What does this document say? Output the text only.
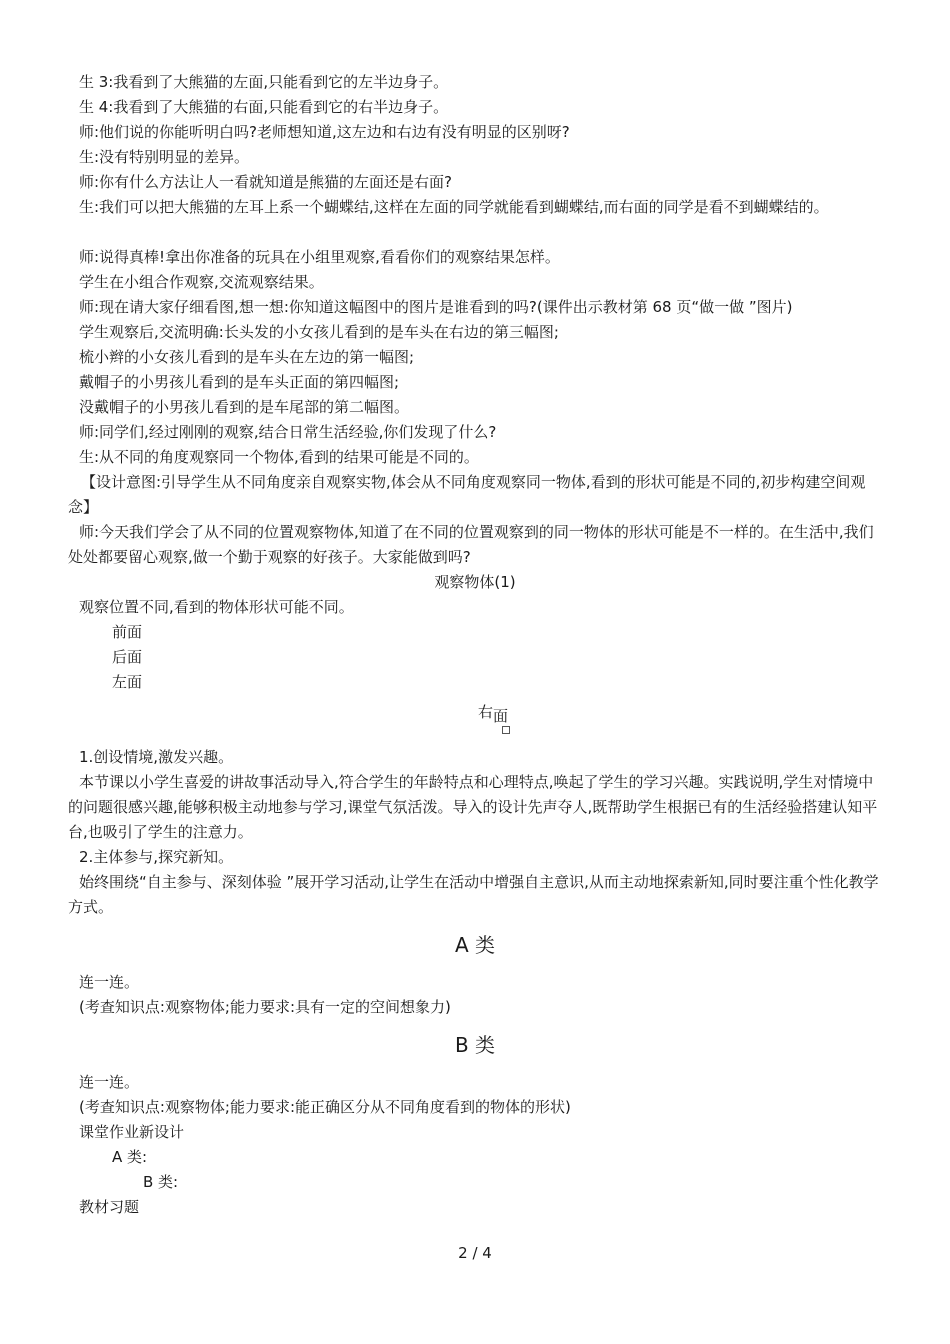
生 3:我看到了大熊猫的左面,只能看到它的左半边身子。
生 4:我看到了大熊猫的右面,只能看到它的右半边身子。
师:他们说的你能听明白吗?老师想知道,这左边和右边有没有明显的区别呀?
生:没有特别明显的差异。
师:你有什么方法让人一看就知道是熊猫的左面还是右面?
生:我们可以把大熊猫的左耳上系一个蝴蝶结,这样在左面的同学就能看到蝴蝶结,而右面的同学是看不到蝴蝶结的。
师:说得真棒!拿出你准备的玩具在小组里观察,看看你们的观察结果怎样。
学生在小组合作观察,交流观察结果。
师:现在请大家仔细看图,想一想:你知道这幅图中的图片是谁看到的吗?(课件出示教材第 68 页“做一做 ”图片)
学生观察后,交流明确:长头发的小女孩儿看到的是车头在右边的第三幅图;
梳小辫的小女孩儿看到的是车头在左边的第一幅图;
戴帽子的小男孩儿看到的是车头正面的第四幅图;
没戴帽子的小男孩儿看到的是车尾部的第二幅图。
师:同学们,经过刚刚的观察,结合日常生活经验,你们发现了什么?
生:从不同的角度观察同一个物体,看到的结果可能是不同的。
【设计意图:引导学生从不同角度亲自观察实物,体会从不同角度观察同一物体,看到的形状可能是不同的,初步构建空间观念】
师:今天我们学会了从不同的位置观察物体,知道了在不同的位置观察到的同一物体的形状可能是不一样的。在生活中,我们处处都要留心观察,做一个勤于观察的好孩子。大家能做到吗?
观察物体(1)
观察位置不同,看到的物体形状可能不同。
前面
后面
左面
右面
1.创设情境,激发兴趣。
本节课以小学生喜爱的讲故事活动导入,符合学生的年龄特点和心理特点,唤起了学生的学习兴趣。实践说明,学生对情境中的问题很感兴趣,能够积极主动地参与学习,课堂气氛活泼。导入的设计先声夺人,既帮助学生根据已有的生活经验搭建认知平台,也吸引了学生的注意力。
2.主体参与,探究新知。
始终围绕“自主参与、深刻体验 ”展开学习活动,让学生在活动中增强自主意识,从而主动地探索新知,同时要注重个性化教学方式。
A 类
连一连。
(考查知识点:观察物体;能力要求:具有一定的空间想象力)
B 类
连一连。
(考查知识点:观察物体;能力要求:能正确区分从不同角度看到的物体的形状)
课堂作业新设计
A 类:
B 类:
教材习题
2 / 4
